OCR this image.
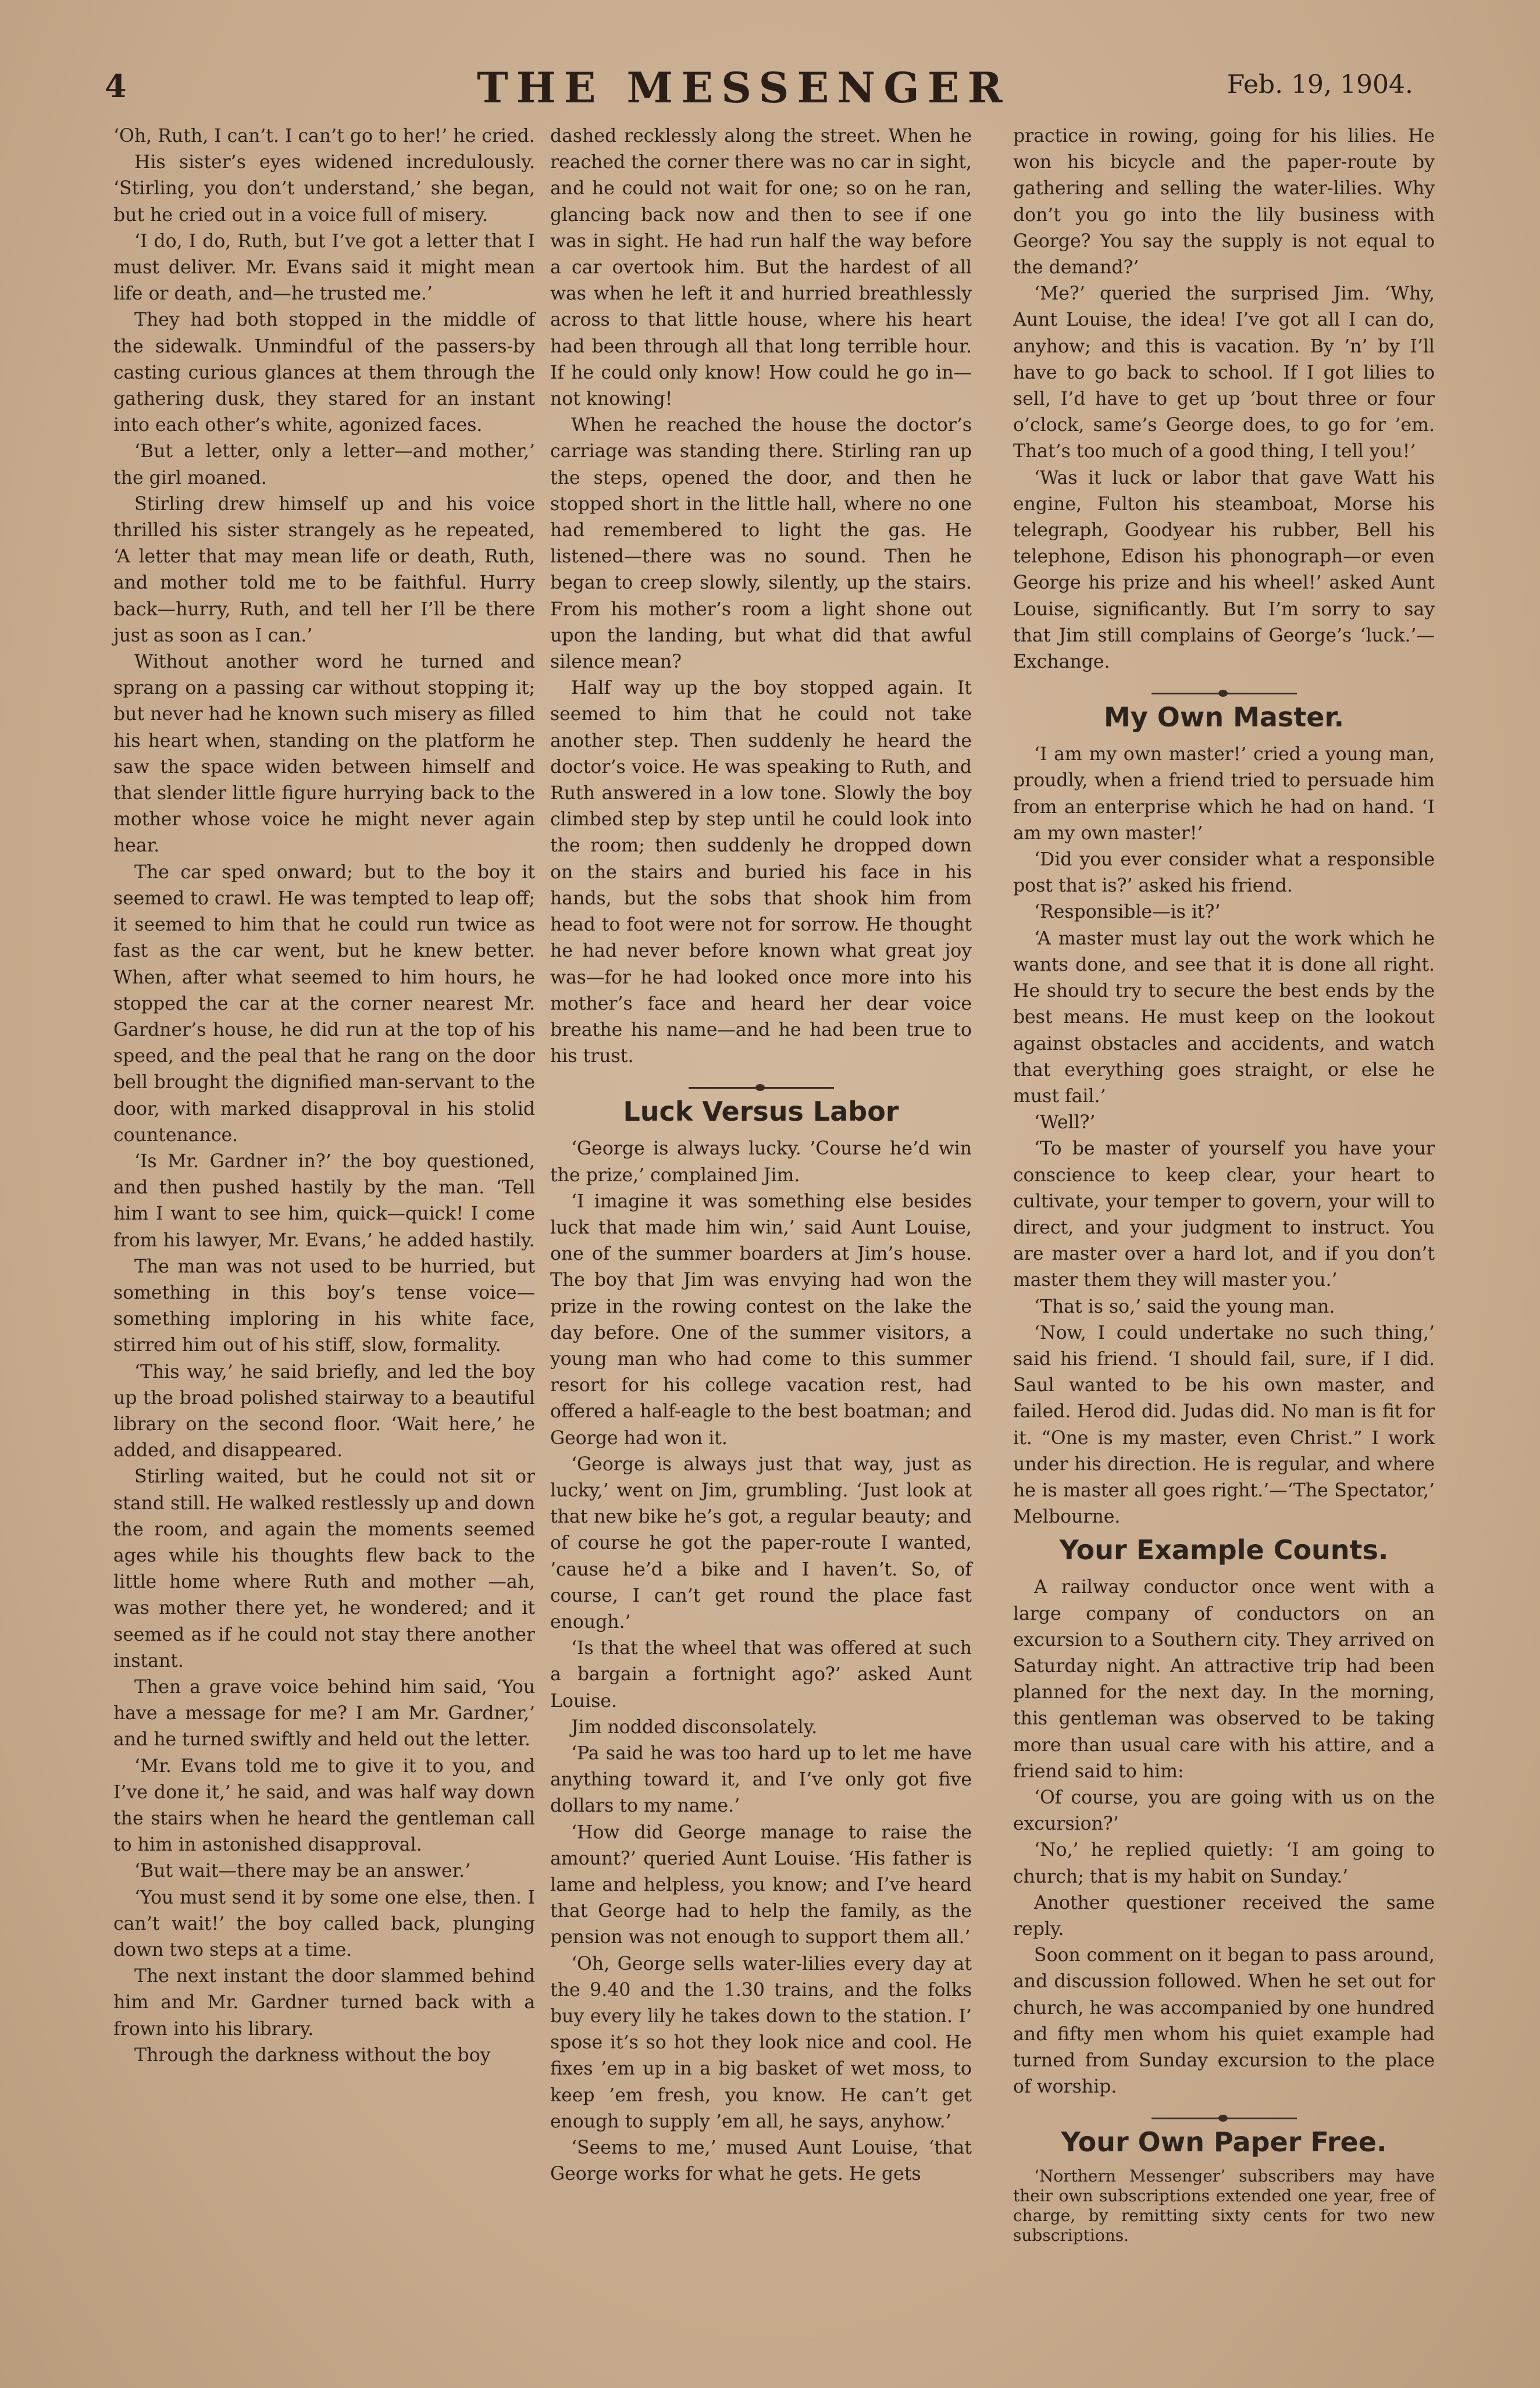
4	THE MESSENGER	Feb. 19, 1904.

‘Oh, Ruth, I can’t. I can’t go to her!’ he cried.

His sister’s eyes widened incredulously. ‘Stirling, you don’t understand,’ she began, but he cried out in a voice full of misery.

‘I do, I do, Ruth, but I’ve got a letter that I must deliver. Mr. Evans said it might mean life or death, and—he trusted me.’

They had both stopped in the middle of the sidewalk. Unmindful of the passers-by casting curious glances at them through the gathering dusk, they stared for an instant into each other’s white, agonized faces.

‘But a letter, only a letter—and mother,’ the girl moaned.

Stirling drew himself up and his voice thrilled his sister strangely as he repeated, ‘A letter that may mean life or death, Ruth, and mother told me to be faithful. Hurry back—hurry, Ruth, and tell her I’ll be there just as soon as I can.’

Without another word he turned and sprang on a passing car without stopping it; but never had he known such misery as filled his heart when, standing on the platform he saw the space widen between himself and that slender little figure hurrying back to the mother whose voice he might never again hear.

The car sped onward; but to the boy it seemed to crawl. He was tempted to leap off; it seemed to him that he could run twice as fast as the car went, but he knew better. When, after what seemed to him hours, he stopped the car at the corner nearest Mr. Gardner’s house, he did run at the top of his speed, and the peal that he rang on the door bell brought the dignified man-servant to the door, with marked disapproval in his stolid countenance.

‘Is Mr. Gardner in?’ the boy questioned, and then pushed hastily by the man. ‘Tell him I want to see him, quick—quick! I come from his lawyer, Mr. Evans,’ he added hastily.

The man was not used to be hurried, but something in this boy’s tense voice—something imploring in his white face, stirred him out of his stiff, slow, formality.

‘This way,’ he said briefly, and led the boy up the broad polished stairway to a beautiful library on the second floor. ‘Wait here,’ he added, and disappeared.

Stirling waited, but he could not sit or stand still. He walked restlessly up and down the room, and again the moments seemed ages while his thoughts flew back to the little home where Ruth and mother —ah, was mother there yet, he wondered; and it seemed as if he could not stay there another instant.

Then a grave voice behind him said, ‘You have a message for me? I am Mr. Gardner,’ and he turned swiftly and held out the letter.

‘Mr. Evans told me to give it to you, and I’ve done it,’ he said, and was half way down the stairs when he heard the gentleman call to him in astonished disapproval.

‘But wait—there may be an answer.’

‘You must send it by some one else, then. I can’t wait!’ the boy called back, plunging down two steps at a time.

The next instant the door slammed behind him and Mr. Gardner turned back with a frown into his library.

Through the darkness without the boy

dashed recklessly along the street. When he reached the corner there was no car in sight, and he could not wait for one; so on he ran, glancing back now and then to see if one was in sight. He had run half the way before a car overtook him. But the hardest of all was when he left it and hurried breathlessly across to that little house, where his heart had been through all that long terrible hour. If he could only know! How could he go in—not knowing!

When he reached the house the doctor’s carriage was standing there. Stirling ran up the steps, opened the door, and then he stopped short in the little hall, where no one had remembered to light the gas. He listened—there was no sound. Then he began to creep slowly, silently, up the stairs. From his mother’s room a light shone out upon the landing, but what did that awful silence mean?

Half way up the boy stopped again. It seemed to him that he could not take another step. Then suddenly he heard the doctor’s voice. He was speaking to Ruth, and Ruth answered in a low tone. Slowly the boy climbed step by step until he could look into the room; then suddenly he dropped down on the stairs and buried his face in his hands, but the sobs that shook him from head to foot were not for sorrow. He thought he had never before known what great joy was—for he had looked once more into his mother’s face and heard her dear voice breathe his name—and he had been true to his trust.

Luck Versus Labor

‘George is always lucky. ’Course he’d win the prize,’ complained Jim.

‘I imagine it was something else besides luck that made him win,’ said Aunt Louise, one of the summer boarders at Jim’s house. The boy that Jim was envying had won the prize in the rowing contest on the lake the day before. One of the summer visitors, a young man who had come to this summer resort for his college vacation rest, had offered a half-eagle to the best boatman; and George had won it.

‘George is always just that way, just as lucky,’ went on Jim, grumbling. ‘Just look at that new bike he’s got, a regular beauty; and of course he got the paper-route I wanted, ’cause he’d a bike and I haven’t. So, of course, I can’t get round the place fast enough.’

‘Is that the wheel that was offered at such a bargain a fortnight ago?’ asked Aunt Louise.

Jim nodded disconsolately.

‘Pa said he was too hard up to let me have anything toward it, and I’ve only got five dollars to my name.’

‘How did George manage to raise the amount?’ queried Aunt Louise. ‘His father is lame and helpless, you know; and I’ve heard that George had to help the family, as the pension was not enough to support them all.’

‘Oh, George sells water-lilies every day at the 9.40 and the 1.30 trains, and the folks buy every lily he takes down to the station. I’ spose it’s so hot they look nice and cool. He fixes ’em up in a big basket of wet moss, to keep ’em fresh, you know. He can’t get enough to supply ’em all, he says, anyhow.’

‘Seems to me,’ mused Aunt Louise, ‘that George works for what he gets. He gets

practice in rowing, going for his lilies. He won his bicycle and the paper-route by gathering and selling the water-lilies. Why don’t you go into the lily business with George? You say the supply is not equal to the demand?’

‘Me?’ queried the surprised Jim. ‘Why, Aunt Louise, the idea! I’ve got all I can do, anyhow; and this is vacation. By ’n’ by I’ll have to go back to school. If I got lilies to sell, I’d have to get up ’bout three or four o’clock, same’s George does, to go for ’em. That’s too much of a good thing, I tell you!’

‘Was it luck or labor that gave Watt his engine, Fulton his steamboat, Morse his telegraph, Goodyear his rubber, Bell his telephone, Edison his phonograph—or even George his prize and his wheel!’ asked Aunt Louise, significantly. But I’m sorry to say that Jim still complains of George’s ‘luck.’—Exchange.

My Own Master.

‘I am my own master!’ cried a young man, proudly, when a friend tried to persuade him from an enterprise which he had on hand. ‘I am my own master!’

‘Did you ever consider what a responsible post that is?’ asked his friend.

‘Responsible—is it?’

‘A master must lay out the work which he wants done, and see that it is done all right. He should try to secure the best ends by the best means. He must keep on the lookout against obstacles and accidents, and watch that everything goes straight, or else he must fail.’

‘Well?’

‘To be master of yourself you have your conscience to keep clear, your heart to cultivate, your temper to govern, your will to direct, and your judgment to instruct. You are master over a hard lot, and if you don’t master them they will master you.’

‘That is so,’ said the young man.

‘Now, I could undertake no such thing,’ said his friend. ‘I should fail, sure, if I did. Saul wanted to be his own master, and failed. Herod did. Judas did. No man is fit for it. “One is my master, even Christ.” I work under his direction. He is regular, and where he is master all goes right.’—‘The Spectator,’ Melbourne.

Your Example Counts.

A railway conductor once went with a large company of conductors on an excursion to a Southern city. They arrived on Saturday night. An attractive trip had been planned for the next day. In the morning, this gentleman was observed to be taking more than usual care with his attire, and a friend said to him:

‘Of course, you are going with us on the excursion?’

‘No,’ he replied quietly: ‘I am going to church; that is my habit on Sunday.’

Another questioner received the same reply.

Soon comment on it began to pass around, and discussion followed. When he set out for church, he was accompanied by one hundred and fifty men whom his quiet example had turned from Sunday excursion to the place of worship.

Your Own Paper Free.

‘Northern Messenger’ subscribers may have their own subscriptions extended one year, free of charge, by remitting sixty cents for two new subscriptions.
